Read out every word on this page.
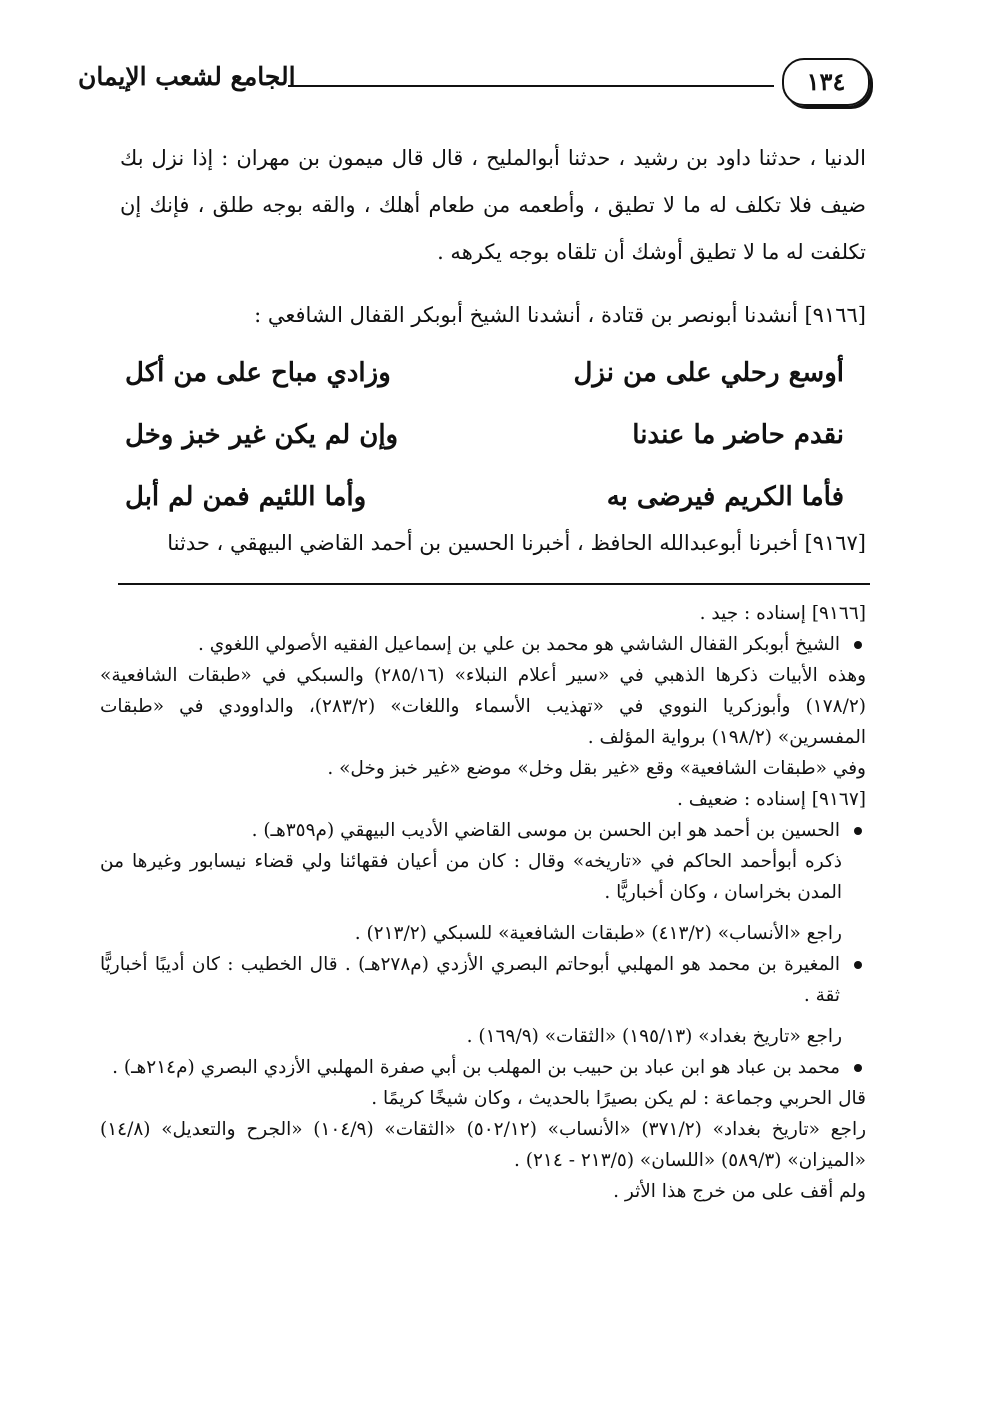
الجامع لشعب الإيمان	١٣٤

الدنيا ، حدثنا داود بن رشيد ، حدثنا أبوالمليح ، قال قال ميمون بن مهران : إذا نزل بك ضيف فلا تكلف له ما لا تطيق ، وأطعمه من طعام أهلك ، والقه بوجه طلق ، فإنك إن تكلفت له ما لا تطيق أوشك أن تلقاه بوجه يكرهه .

[٩١٦٦] أنشدنا أبونصر بن قتادة ، أنشدنا الشيخ أبوبكر القفال الشافعي :

أوسع رحلي على من نزل
وزادي مباح على من أكل
نقدم حاضر ما عندنا
وإن لم يكن غير خبز وخل
فأما الكريم فيرضى به
وأما اللئيم فمن لم أبل
[٩١٦٧] أخبرنا أبوعبدالله الحافظ ، أخبرنا الحسين بن أحمد القاضي البيهقي ، حدثنا

[٩١٦٦] إسناده : جيد .

الشيخ أبوبكر القفال الشاشي هو محمد بن علي بن إسماعيل الفقيه الأصولي اللغوي .

وهذه الأبيات ذكرها الذهبي في «سير أعلام النبلاء» (٢٨٥/١٦) والسبكي في «طبقات الشافعية» (١٧٨/٢) وأبوزكريا النووي في «تهذيب الأسماء واللغات» (٢٨٣/٢)، والداوودي في «طبقات المفسرين» (١٩٨/٢) برواية المؤلف .

وفي «طبقات الشافعية» وقع «غير بقل وخل» موضع «غير خبز وخل» .

[٩١٦٧] إسناده : ضعيف .

الحسين بن أحمد هو ابن الحسن بن موسى القاضي الأديب البيهقي (م٣٥٩هـ) .

ذكره أبوأحمد الحاكم في «تاريخه» وقال : كان من أعيان فقهائنا ولي قضاء نيسابور وغيرها من المدن بخراسان ، وكان أخباريًّا .

راجع «الأنساب» (٤١٣/٢) «طبقات الشافعية» للسبكي (٢١٣/٢) .

المغيرة بن محمد هو المهلبي أبوحاتم البصري الأزدي (م٢٧٨هـ) . قال الخطيب : كان أديبًا أخباريًّا ثقة .

راجع «تاريخ بغداد» (١٩٥/١٣) «الثقات» (١٦٩/٩) .

محمد بن عباد هو ابن عباد بن حبيب بن المهلب بن أبي صفرة المهلبي الأزدي البصري (م٢١٤هـ) .

قال الحربي وجماعة : لم يكن بصيرًا بالحديث ، وكان شيخًا كريمًا .

راجع «تاريخ بغداد» (٣٧١/٢) «الأنساب» (٥٠٢/١٢) «الثقات» (١٠٤/٩) «الجرح والتعديل» (١٤/٨) «الميزان» (٥٨٩/٣) «اللسان» (٢١٣/٥ - ٢١٤) .

ولم أقف على من خرج هذا الأثر .
